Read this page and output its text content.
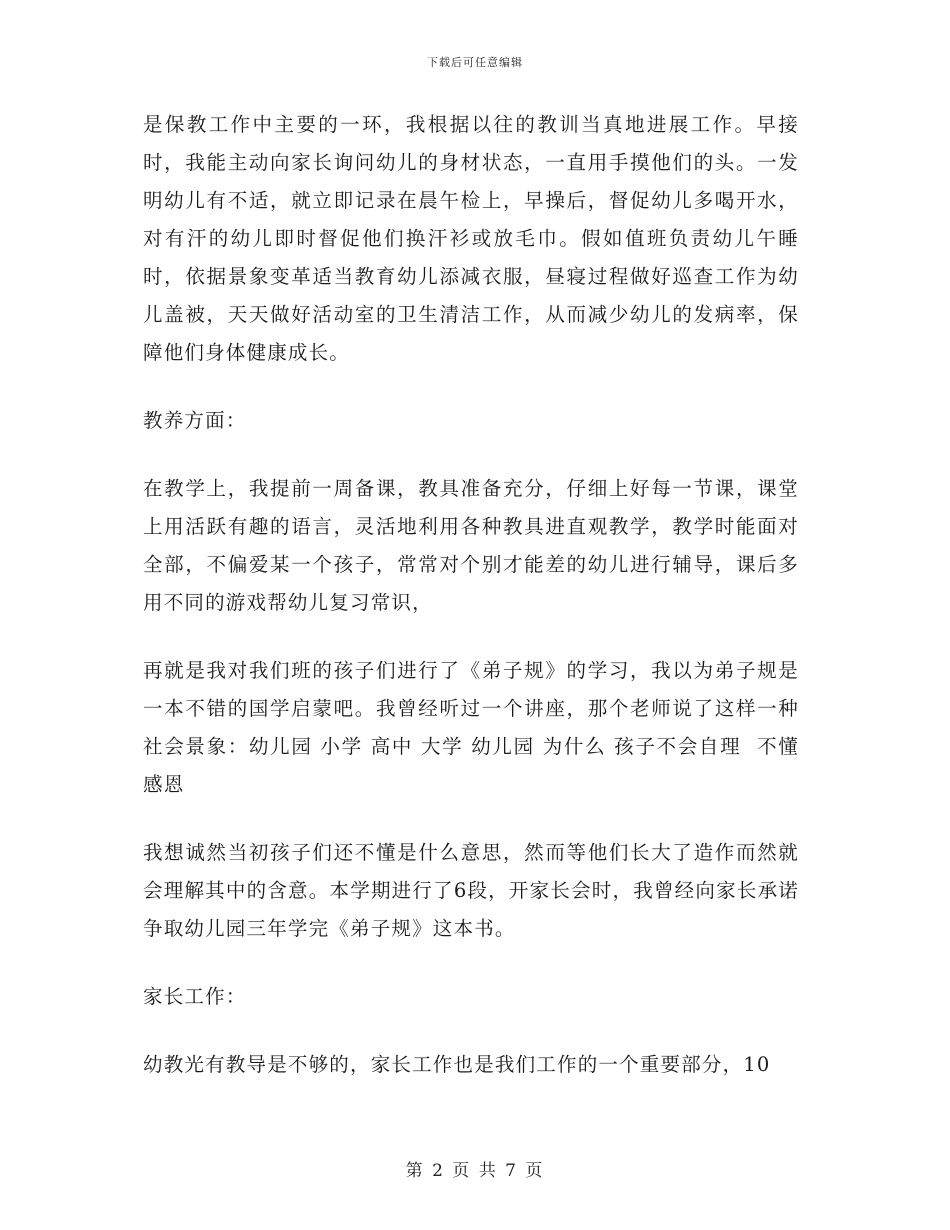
下载后可任意编辑

是保教工作中主要的一环，我根据以往的教训当真地进展工作。早接时，我能主动向家长询问幼儿的身材状态，一直用手摸他们的头。一发明幼儿有不适，就立即记录在晨午检上，早操后，督促幼儿多喝开水，对有汗的幼儿即时督促他们换汗衫或放毛巾。假如值班负责幼儿午睡时，依据景象变革适当教育幼儿添减衣服，昼寝过程做好巡查工作为幼儿盖被，天天做好活动室的卫生清洁工作，从而减少幼儿的发病率，保障他们身体健康成长。

教养方面：

在教学上，我提前一周备课，教具准备充分，仔细上好每一节课，课堂上用活跃有趣的语言，灵活地利用各种教具进直观教学，教学时能面对全部，不偏爱某一个孩子，常常对个别才能差的幼儿进行辅导，课后多用不同的游戏帮幼儿复习常识，

再就是我对我们班的孩子们进行了《弟子规》的学习，我以为弟子规是一本不错的国学启蒙吧。我曾经听过一个讲座，那个老师说了这样一种社会景象：幼儿园 小学 高中 大学 幼儿园 为什么 孩子不会自理  不懂感恩

我想诚然当初孩子们还不懂是什么意思，然而等他们长大了造作而然就会理解其中的含意。本学期进行了6段，开家长会时，我曾经向家长承诺争取幼儿园三年学完《弟子规》这本书。

家长工作：

幼教光有教导是不够的，家长工作也是我们工作的一个重要部分，10

第 2 页 共 7 页
